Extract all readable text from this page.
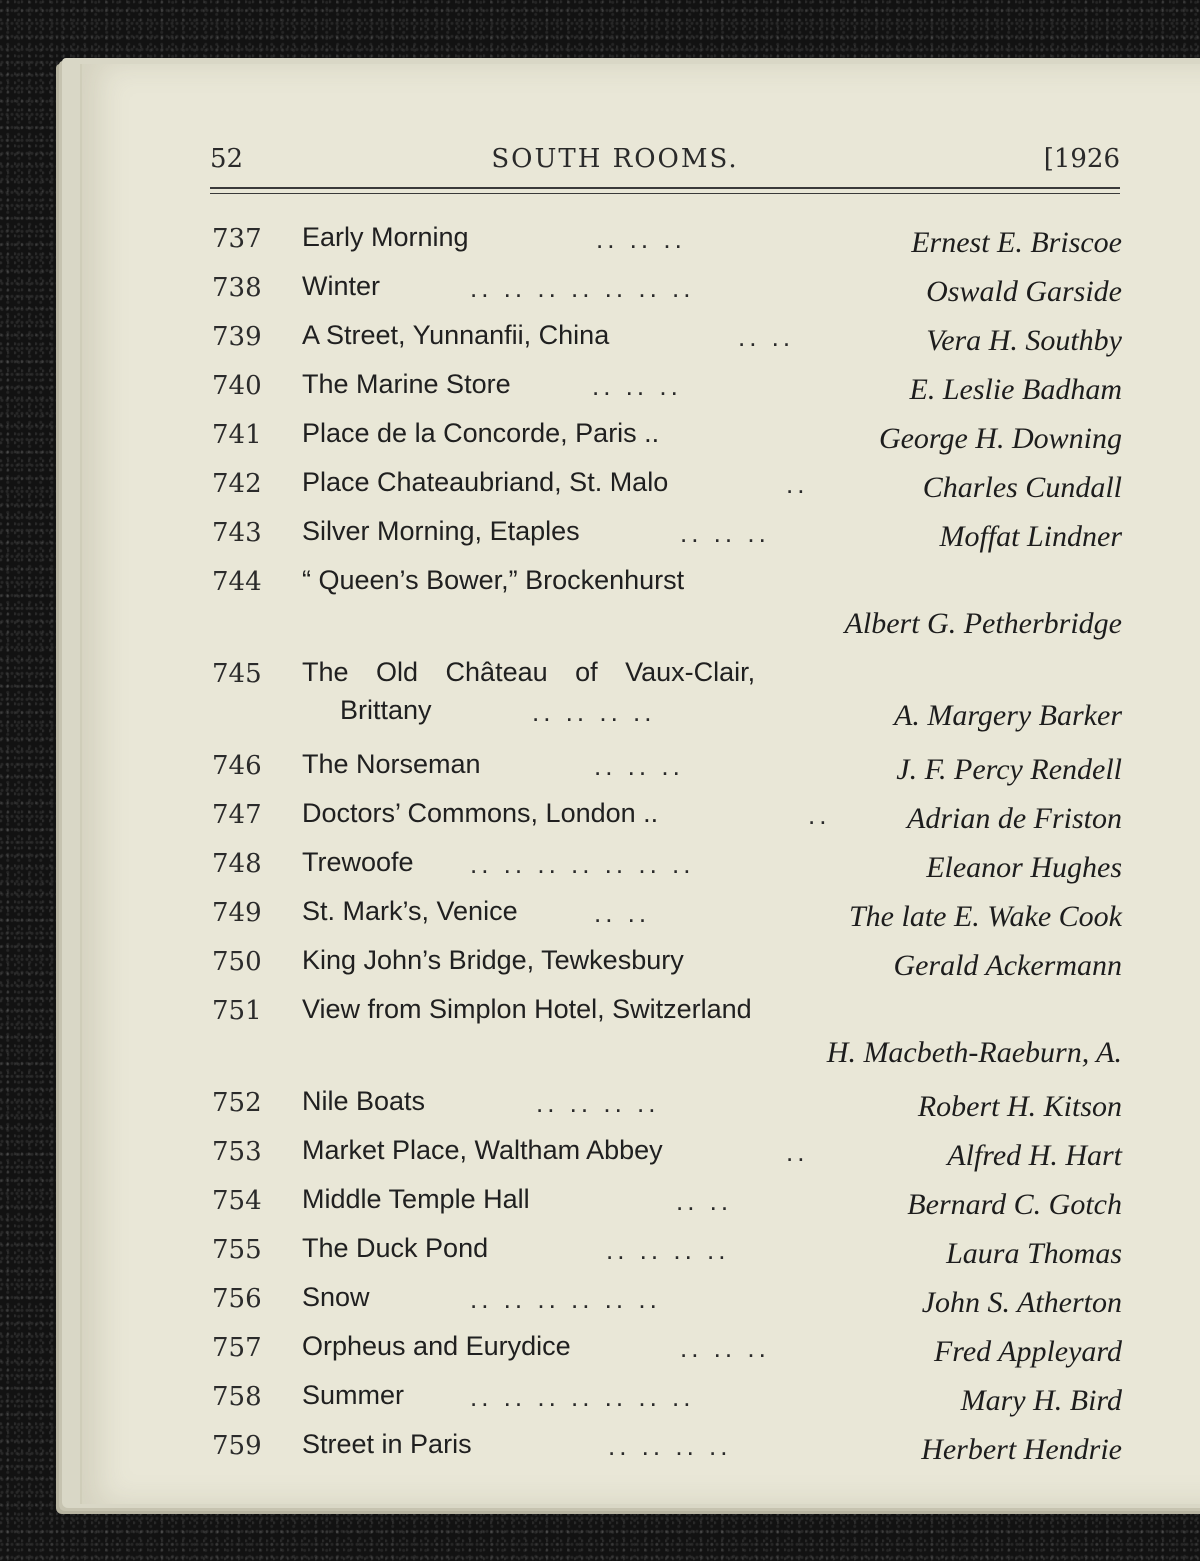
52	SOUTH ROOMS.	[1926
737 Early Morning	.. .. ..	Ernest E. Briscoe
738 Winter	.. .. .. .. .. .. ..	Oswald Garside
739 A Street, Yunnanfii, China	.. ..	Vera H. Southby
740 The Marine Store	.. .. ..	E. Leslie Badham
741 Place de la Concorde, Paris ..	George H. Downing
742 Place Chateaubriand, St. Malo	..	Charles Cundall
743 Silver Morning, Etaples	.. .. ..	Moffat Lindner
744 “ Queen’s Bower,” Brockenhurst
Albert G. Petherbridge
745 The Old Château of Vaux-Clair,
Brittany	.. .. .. ..	A. Margery Barker
746 The Norseman	.. .. ..	J. F. Percy Rendell
747 Doctors’ Commons, London ..	..	Adrian de Friston
748 Trewoofe .. .. .. .. .. .. ..	Eleanor Hughes
749 St. Mark’s, Venice	.. ..	The late E. Wake Cook
750 King John’s Bridge, Tewkesbury	Gerald Ackermann
751 View from Simplon Hotel, Switzerland
H. Macbeth-Raeburn, A.
752 Nile Boats	.. .. .. ..	Robert H. Kitson
753 Market Place, Waltham Abbey	..	Alfred H. Hart
754 Middle Temple Hall	.. ..	Bernard C. Gotch
755 The Duck Pond	.. .. .. ..	Laura Thomas
756 Snow	.. .. .. .. .. ..	John S. Atherton
757 Orpheus and Eurydice	.. .. ..	Fred Appleyard
758 Summer	.. .. .. .. .. .. ..	Mary H. Bird
759 Street in Paris	.. .. .. ..	Herbert Hendrie
